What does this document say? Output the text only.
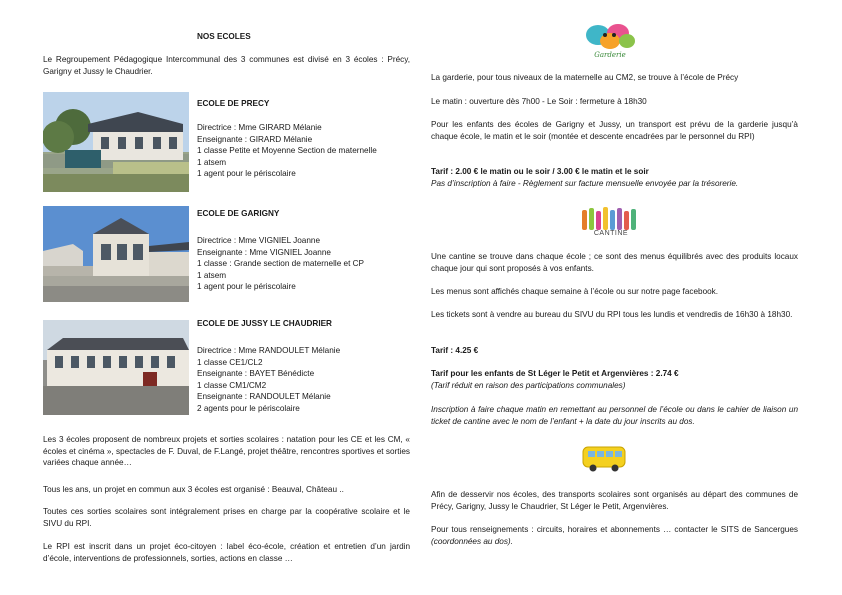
NOS ECOLES
Le Regroupement Pédagogique Intercommunal des 3 communes est divisé en 3 écoles : Précy, Garigny et Jussy le Chaudrier.
ECOLE DE PRECY
Directrice : Mme GIRARD Mélanie
Enseignante : GIRARD Mélanie
1 classe Petite et Moyenne Section de maternelle
1 atsem
1 agent pour le périscolaire
ECOLE DE GARIGNY
Directrice : Mme VIGNIEL Joanne
Enseignante : Mme VIGNIEL Joanne
1 classe : Grande section de maternelle et CP
1 atsem
1 agent pour le périscolaire
ECOLE DE JUSSY LE CHAUDRIER
Directrice : Mme RANDOULET Mélanie
1 classe CE1/CL2
Enseignante : BAYET Bénédicte
1 classe CM1/CM2
Enseignante : RANDOULET Mélanie
2 agents pour le périscolaire
Les 3 écoles proposent de nombreux projets et sorties scolaires : natation pour les CE et les CM, « écoles et cinéma », spectacles de F. Duval, de F.Langé, projet théâtre, rencontres sportives et sorties variées chaque année…
Tous les ans, un projet en commun aux 3 écoles est organisé : Beauval, Château ..
Toutes ces sorties scolaires sont intégralement prises en charge par la coopérative scolaire et le SIVU du RPI.
Le RPI est inscrit dans un projet éco-citoyen : label éco-école, création et entretien d’un jardin d’école, interventions de professionnels, sorties, actions en classe …
Garderie
La garderie, pour tous niveaux de la maternelle au CM2, se trouve à l’école de Précy
Le matin : ouverture dès 7h00 - Le Soir : fermeture à 18h30
Pour les enfants des écoles de Garigny et Jussy, un transport est prévu de la garderie jusqu’à chaque école, le matin et le soir (montée et descente encadrées par le personnel du RPI)
Tarif : 2.00 € le matin ou le soir / 3.00 € le matin et le soir
Pas d’inscription à faire - Règlement sur facture mensuelle envoyée par la trésorerie.
CANTINE
Une cantine se trouve dans chaque école ; ce sont des menus équilibrés avec des produits locaux chaque jour qui sont proposés à vos enfants.
Les menus sont affichés chaque semaine à l’école ou sur notre page facebook.
Les tickets sont à vendre au bureau du SIVU du RPI tous les lundis et vendredis de 16h30 à 18h30.
Tarif : 4.25 €
Tarif pour les enfants de St Léger le Petit et Argenvières : 2.74 €
(Tarif réduit en raison des participations communales)
Inscription à faire chaque matin en remettant au personnel de l’école ou dans le cahier de liaison un ticket de cantine avec le nom de l’enfant + la date du jour inscrits au dos.
Afin de desservir nos écoles, des transports scolaires sont organisés au départ des communes de Précy, Garigny, Jussy le Chaudrier, St Léger le Petit, Argenvières.
Pour tous renseignements : circuits, horaires et abonnements … contacter le SITS de Sancergues (coordonnées au dos).
